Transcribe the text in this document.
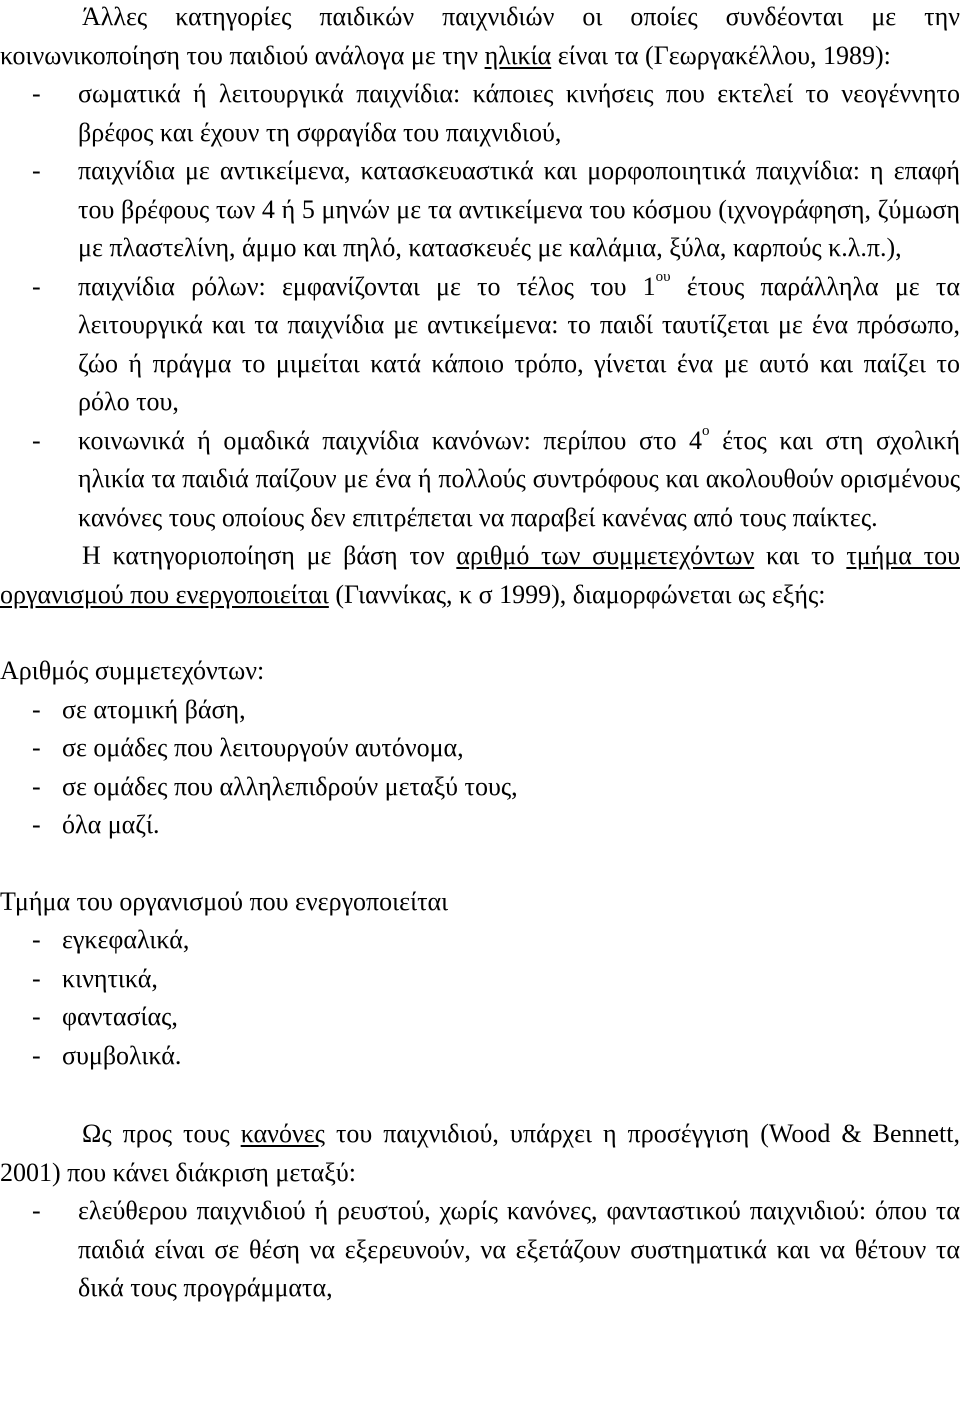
Άλλες κατηγορίες παιδικών παιχνιδιών οι οποίες συνδέονται με την κοινωνικοποίηση του παιδιού ανάλογα με την ηλικία είναι τα (Γεωργακέλλου, 1989):

- σωματικά ή λειτουργικά παιχνίδια: κάποιες κινήσεις που εκτελεί το νεογέννητο βρέφος και έχουν τη σφραγίδα του παιχνιδιού,
- παιχνίδια με αντικείμενα, κατασκευαστικά και μορφοποιητικά παιχνίδια: η επαφή του βρέφους των 4 ή 5 μηνών με τα αντικείμενα του κόσμου (ιχνογράφηση, ζύμωση με πλαστελίνη, άμμο και πηλό, κατασκευές με καλάμια, ξύλα, καρπούς κ.λ.π.),
- παιχνίδια ρόλων: εμφανίζονται με το τέλος του $1^{o\upsilon}$ έτους παράλληλα με τα λειτουργικά και τα παιχνίδια με αντικείμενα: το παιδί ταυτίζεται με ένα πρόσωπο, ζώο ή πράγμα το μιμείται κατά κάποιο τρόπο, γίνεται ένα με αυτό και παίζει το ρόλο του,
- κοινωνικά ή ομαδικά παιχνίδια κανόνων: περίπου στο $4^o$ έτος και στη σχολική ηλικία τα παιδιά παίζουν με ένα ή πολλούς συντρόφους και ακολουθούν ορισμένους κανόνες τους οποίους δεν επιτρέπεται να παραβεί κανένας από τους παίκτες.

Η κατηγοριοποίηση με βάση τον αριθμό των συμμετεχόντων και το τμήμα του οργανισμού που ενεργοποιείται (Γιαννίκας, κ σ 1999), διαμορφώνεται ως εξής:

Αριθμός συμμετεχόντων:

- σε ατομική βάση,
- σε ομάδες που λειτουργούν αυτόνομα,
- σε ομάδες που αλληλεπιδρούν μεταξύ τους,
- όλα μαζί.

Τμήμα του οργανισμού που ενεργοποιείται

- εγκεφαλικά,
- κινητικά,
- φαντασίας,
- συμβολικά.

Ως προς τους κανόνες του παιχνιδιού, υπάρχει η προσέγγιση (Wood & Bennett, 2001) που κάνει διάκριση μεταξύ:

- ελεύθερου παιχνιδιού ή ρευστού, χωρίς κανόνες, φανταστικού παιχνιδιού: όπου τα παιδιά είναι σε θέση να εξερευνούν, να εξετάζουν συστηματικά και να θέτουν τα δικά τους προγράμματα,
